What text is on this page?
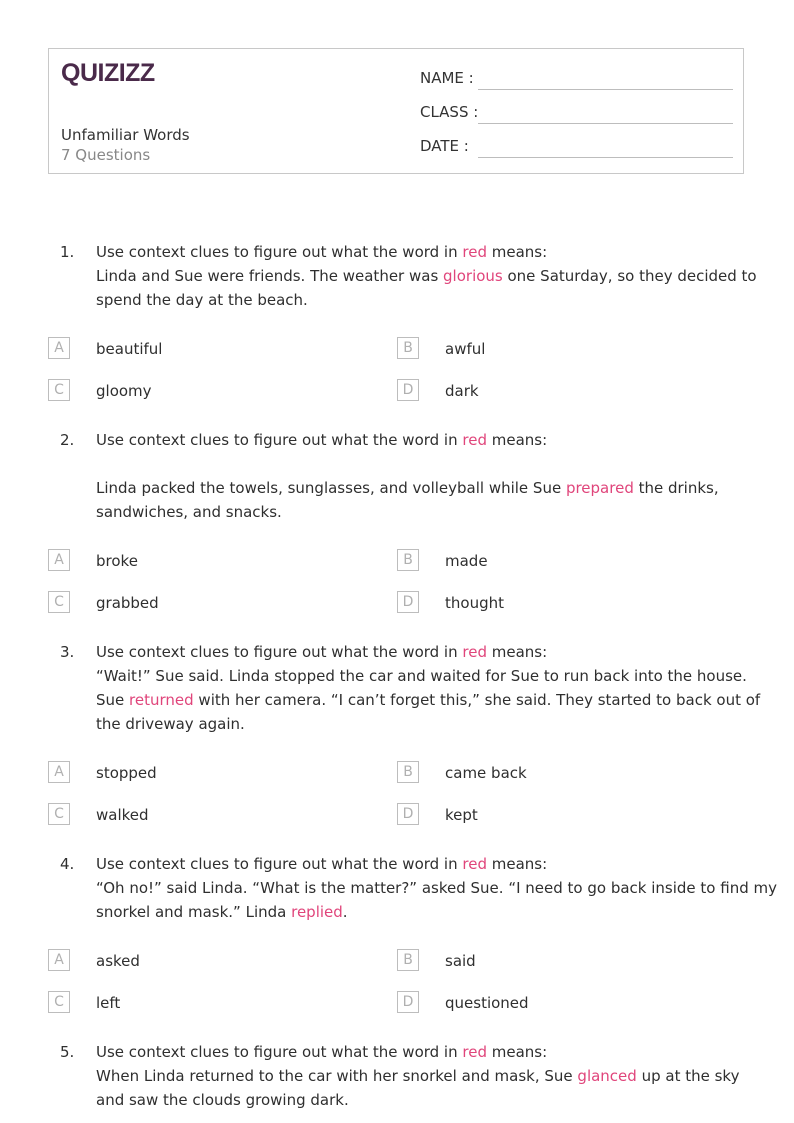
QUIZIZZ
Unfamiliar Words
7 Questions
NAME :
CLASS :
DATE :
1. Use context clues to figure out what the word in red means:
Linda and Sue were friends. The weather was glorious one Saturday, so they decided to
spend the day at the beach.
A	beautiful	B	awful
C	gloomy	D	dark
2. Use context clues to figure out what the word in red means:
Linda packed the towels, sunglasses, and volleyball while Sue prepared the drinks,
sandwiches, and snacks.
A	broke	B	made
C	grabbed	D	thought
3. Use context clues to figure out what the word in red means:
“Wait!” Sue said. Linda stopped the car and waited for Sue to run back into the house.
Sue returned with her camera. “I can’t forget this,” she said. They started to back out of
the driveway again.
A	stopped	B	came back
C	walked	D	kept
4. Use context clues to figure out what the word in red means:
“Oh no!” said Linda. “What is the matter?” asked Sue. “I need to go back inside to find my
snorkel and mask.” Linda replied.
A	asked	B	said
C	left	D	questioned
5. Use context clues to figure out what the word in red means:
When Linda returned to the car with her snorkel and mask, Sue glanced up at the sky
and saw the clouds growing dark.
